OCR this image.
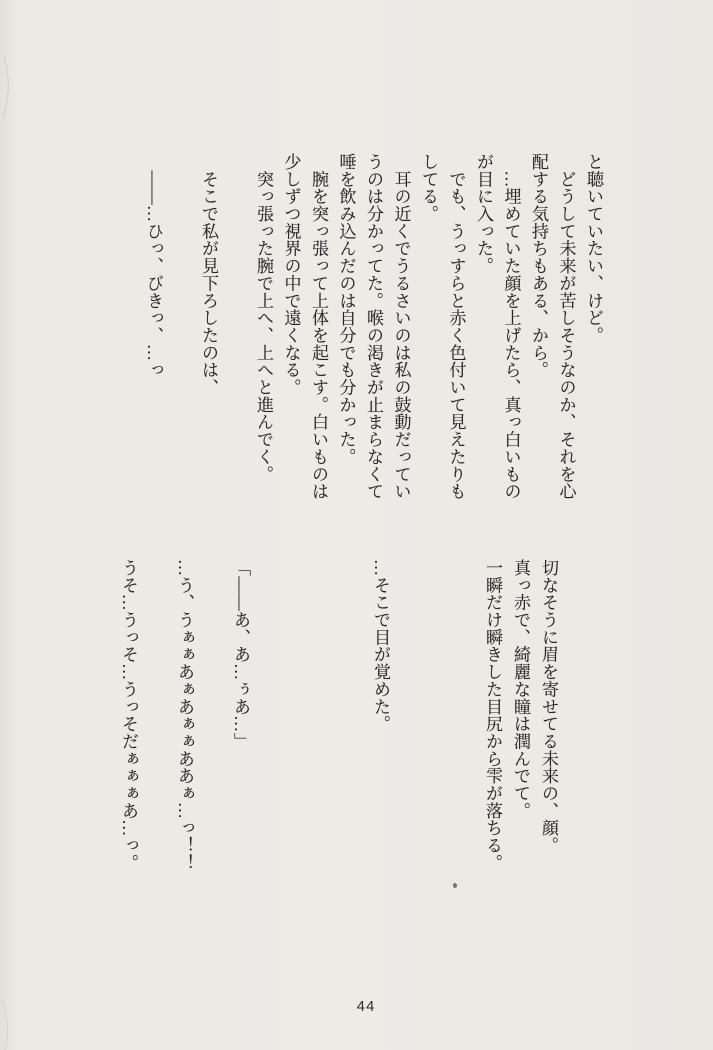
と聴いていたい、けど。
　どうして未来が苦しそうなのか、それを心
配する気持ちもある、から。
　…埋めていた顔を上げたら、真っ白いもの
が目に入った。
　でも、うっすらと赤く色付いて見えたりも
してる。
　耳の近くでうるさいのは私の鼓動だってい
うのは分かってた。喉の渇きが止まらなくて
唾を飲み込んだのは自分でも分かった。
　腕を突っ張って上体を起こす。白いものは
少しずつ視界の中で遠くなる。
　突っ張った腕で上へ、上へと進んでく。

　そこで私が見下ろしたのは、

　――…ひっ、びきっ、…っ
切なそうに眉を寄せてる未来の、顔。
真っ赤で、綺麗な瞳は潤んでて。
一瞬だけ瞬きした目尻から雫が落ちる。

…そこで目が覚めた。

「――あ、あ…ぅあ…」

…う、うぁぁあぁあぁぁああぁ…っ！！

うそ…うっそ…うっそだぁぁぁあ…っ。
44
